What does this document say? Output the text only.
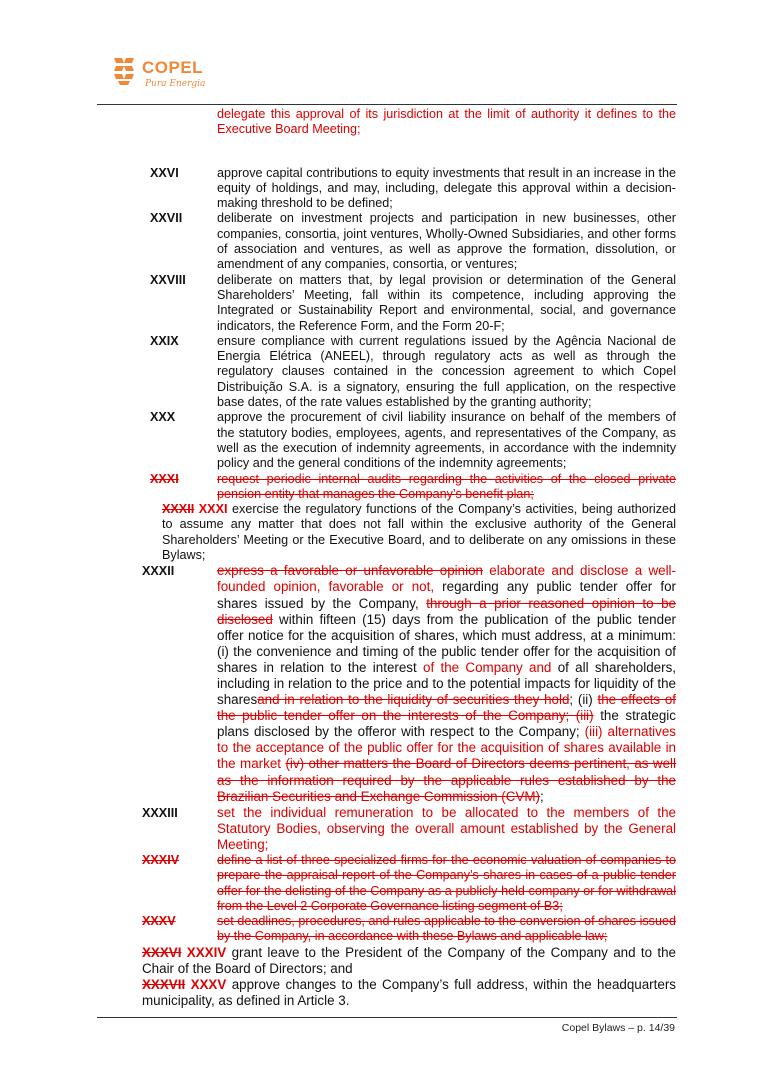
COPEL
Pura Energia
delegate this approval of its jurisdiction at the limit of authority it defines to the Executive Board Meeting;
XXVI	approve capital contributions to equity investments that result in an increase in the equity of holdings, and may, including, delegate this approval within a decision-making threshold to be defined;
XXVII	deliberate on investment projects and participation in new businesses, other companies, consortia, joint ventures, Wholly-Owned Subsidiaries, and other forms of association and ventures, as well as approve the formation, dissolution, or amendment of any companies, consortia, or ventures;
XXVIII	deliberate on matters that, by legal provision or determination of the General Shareholders’ Meeting, fall within its competence, including approving the Integrated or Sustainability Report and environmental, social, and governance indicators, the Reference Form, and the Form 20-F;
XXIX	ensure compliance with current regulations issued by the Agência Nacional de Energia Elétrica (ANEEL), through regulatory acts as well as through the regulatory clauses contained in the concession agreement to which Copel Distribuição S.A. is a signatory, ensuring the full application, on the respective base dates, of the rate values established by the granting authority;
XXX	approve the procurement of civil liability insurance on behalf of the members of the statutory bodies, employees, agents, and representatives of the Company, as well as the execution of indemnity agreements, in accordance with the indemnity policy and the general conditions of the indemnity agreements;
XXXI	request periodic internal audits regarding the activities of the closed private pension entity that manages the Company’s benefit plan;
XXXII XXXI exercise the regulatory functions of the Company’s activities, being authorized to assume any matter that does not fall within the exclusive authority of the General Shareholders’ Meeting or the Executive Board, and to deliberate on any omissions in these Bylaws;
XXXII	express a favorable or unfavorable opinion elaborate and disclose a well-founded opinion, favorable or not, regarding any public tender offer for shares issued by the Company, through a prior reasoned opinion to be disclosed within fifteen (15) days from the publication of the public tender offer notice for the acquisition of shares, which must address, at a minimum: (i) the convenience and timing of the public tender offer for the acquisition of shares in relation to the interest of the Company and of all shareholders, including in relation to the price and to the potential impacts for liquidity of the sharesand in relation to the liquidity of securities they hold; (ii) the effects of the public tender offer on the interests of the Company; (iii) the strategic plans disclosed by the offeror with respect to the Company; (iii) alternatives to the acceptance of the public offer for the acquisition of shares available in the market (iv) other matters the Board of Directors deems pertinent, as well as the information required by the applicable rules established by the Brazilian Securities and Exchange Commission (CVM);
XXXIII	set the individual remuneration to be allocated to the members of the Statutory Bodies, observing the overall amount established by the General Meeting;
XXXIV	define a list of three specialized firms for the economic valuation of companies to prepare the appraisal report of the Company’s shares in cases of a public tender offer for the delisting of the Company as a publicly held company or for withdrawal from the Level 2 Corporate Governance listing segment of B3;
XXXV	set deadlines, procedures, and rules applicable to the conversion of shares issued by the Company, in accordance with these Bylaws and applicable law;
XXXVI XXXIV grant leave to the President of the Company of the Company and to the Chair of the Board of Directors; and
XXXVII XXXV approve changes to the Company’s full address, within the headquarters municipality, as defined in Article 3.
Copel Bylaws – p. 14/39
